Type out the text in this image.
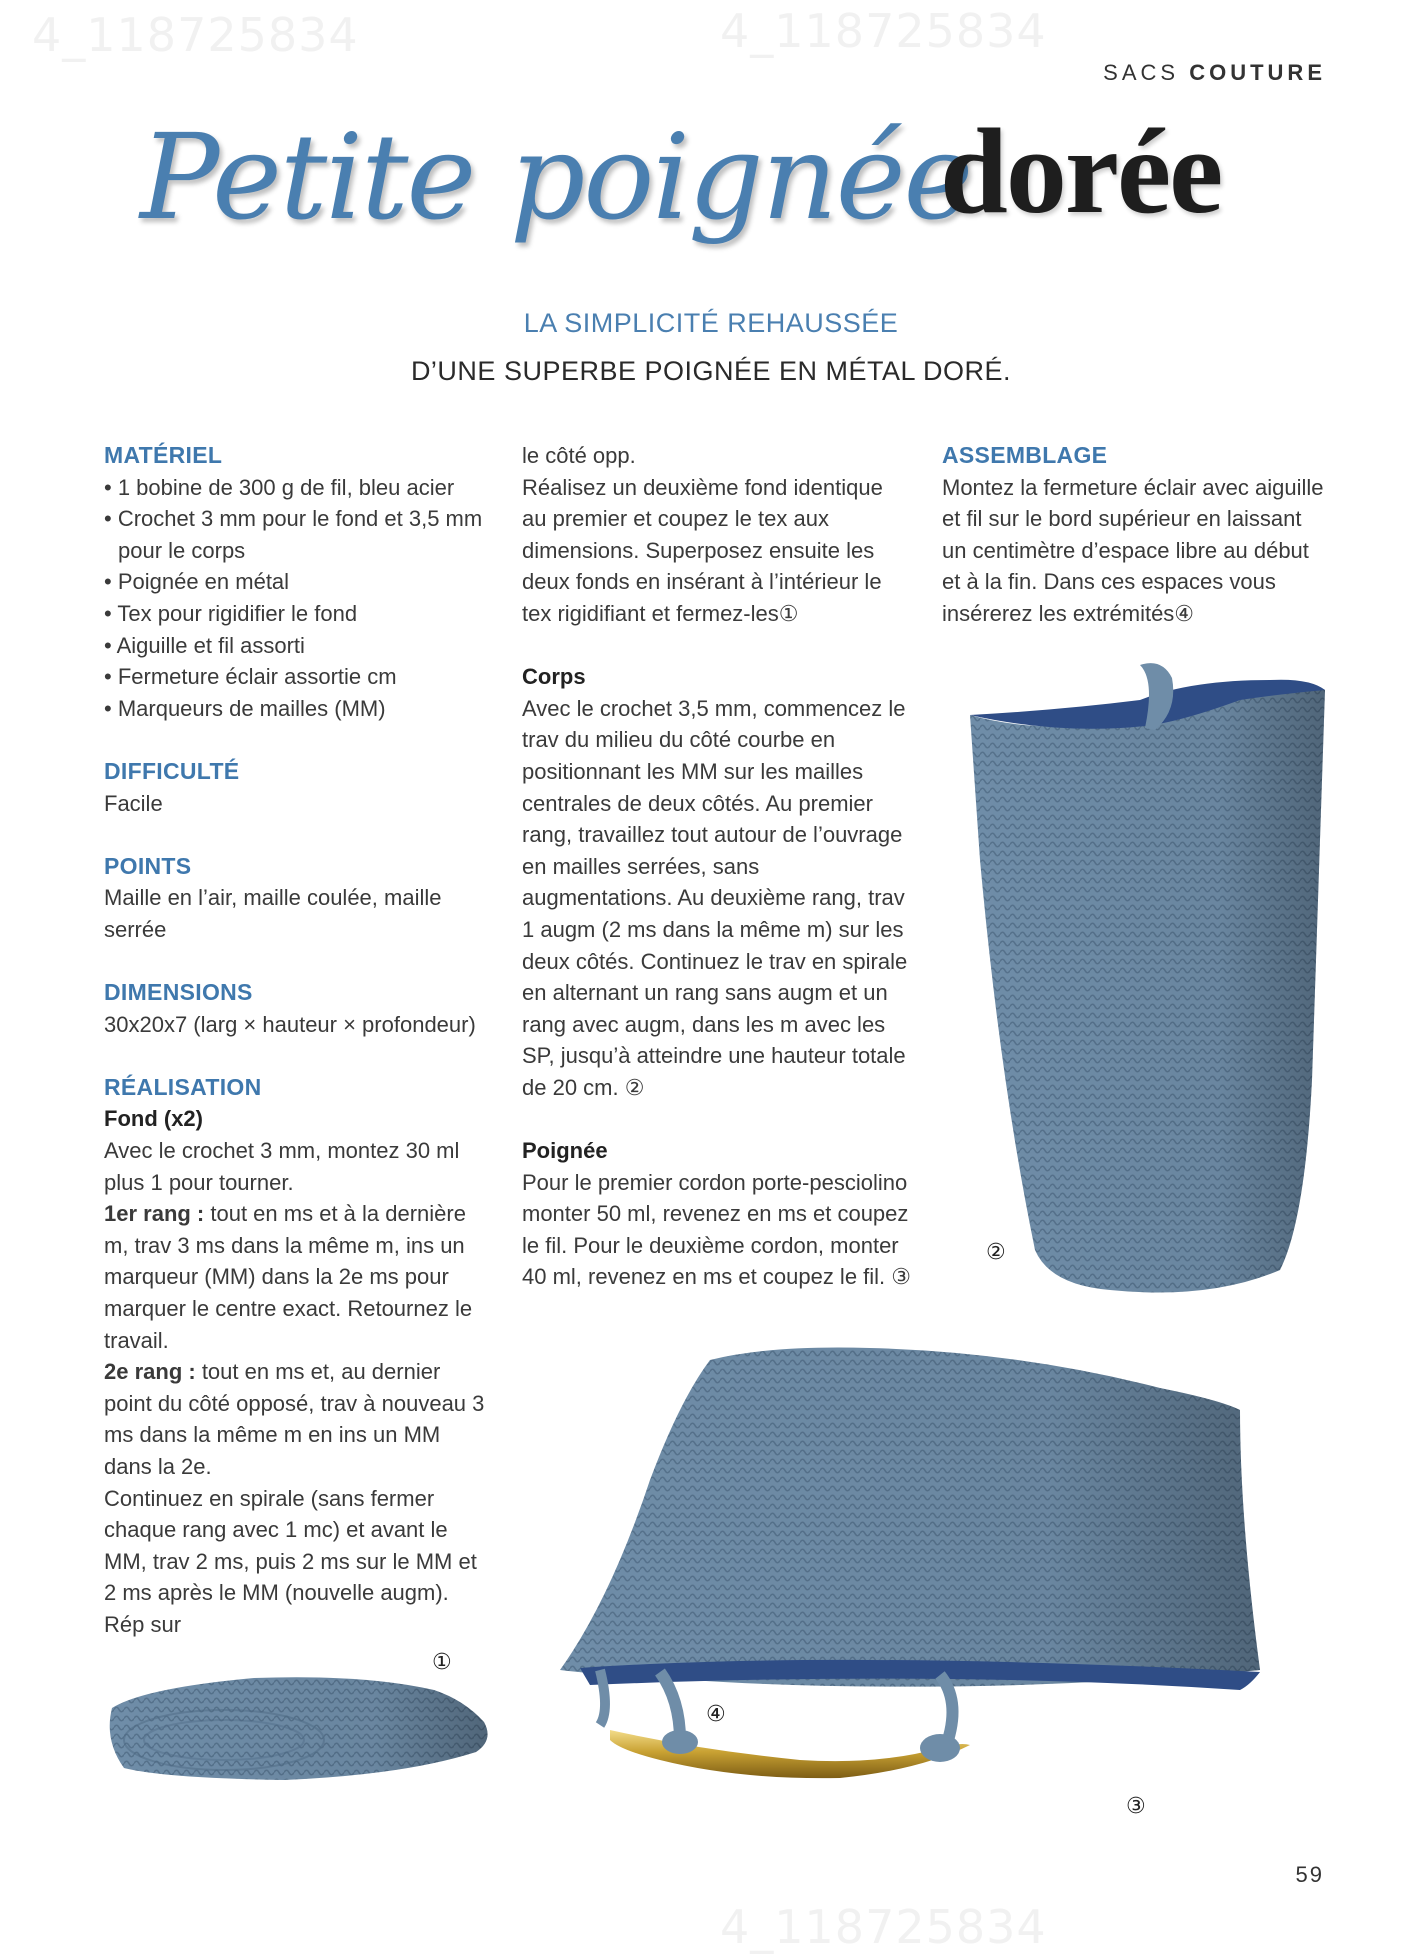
4_118725834	4_118725834
4_118725834
SACS COUTURE
Petite poignée
dorée
LA SIMPLICITÉ REHAUSSÉE
D’UNE SUPERBE POIGNÉE EN MÉTAL DORÉ.
MATÉRIEL
• 1 bobine de 300 g de fil, bleu acier
• Crochet 3 mm pour le fond et 3,5 mm pour le corps
• Poignée en métal
• Tex pour rigidifier le fond
• Aiguille et fil assorti
• Fermeture éclair assortie cm
• Marqueurs de mailles (MM)
DIFFICULTÉ

Facile

POINTS

Maille en l’air, maille coulée, maille serrée

DIMENSIONS

30x20x7 (larg × hauteur × profondeur)

RÉALISATION
Fond (x2)

Avec le crochet 3 mm, montez 30 ml plus 1 pour tourner.

1er rang : tout en ms et à la dernière m, trav 3 ms dans la même m, ins un marqueur (MM) dans la 2e ms pour marquer le centre exact. Retournez le travail.

2e rang : tout en ms et, au dernier point du côté opposé, trav à nouveau 3 ms dans la même m en ins un MM dans la 2e.

Continuez en spirale (sans fermer chaque rang avec 1 mc) et avant le MM, trav 2 ms, puis 2 ms sur le MM et 2 ms après le MM (nouvelle augm). Rép sur

le côté opp.

Réalisez un deuxième fond identique au premier et coupez le tex aux dimensions. Superposez ensuite les deux fonds en insérant à l’intérieur le tex rigidifiant et fermez-les①

Corps

Avec le crochet 3,5 mm, commencez le trav du milieu du côté courbe en positionnant les MM sur les mailles centrales de deux côtés. Au premier rang, travaillez tout autour de l’ouvrage en mailles serrées, sans augmentations. Au deuxième rang, trav 1 augm (2 ms dans la même m) sur les deux côtés. Continuez le trav en spirale en alternant un rang sans augm et un rang avec augm, dans les m avec les SP, jusqu’à atteindre une hauteur totale de 20 cm. ②

Poignée

Pour le premier cordon porte-pesciolino monter 50 ml, revenez en ms et coupez le fil. Pour le deuxième cordon, monter 40 ml, revenez en ms et coupez le fil. ③

ASSEMBLAGE

Montez la fermeture éclair avec aiguille et fil sur le bord supérieur en laissant un centimètre d’espace libre au début et à la fin. Dans ces espaces vous insérerez les extrémités④

②
①
④
③
59
